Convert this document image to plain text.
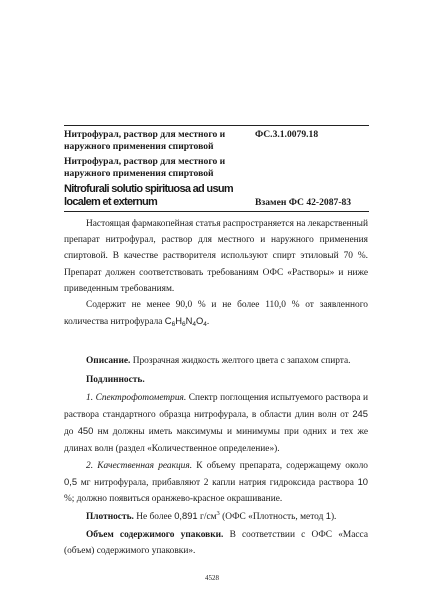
Нитрофурал, раствор для местного и наружного применения спиртовой
ФС.3.1.0079.18
Нитрофурал, раствор для местного и наружного применения спиртовой
Nitrofurali solutio spirituosa ad usum localem et externum	Взамен ФС 42-2087-83
Настоящая фармакопейная статья распространяется на лекарственный препарат нитрофурал, раствор для местного и наружного применения спиртовой. В качестве растворителя используют спирт этиловый 70 %. Препарат должен соответствовать требованиям ОФС «Растворы» и ниже приведенным требованиям.
Содержит не менее 90,0 % и не более 110,0 % от заявленного количества нитрофурала $C_6H_6N_4O_4$.
Описание. Прозрачная жидкость желтого цвета с запахом спирта.
Подлинность.
1. Спектрофотометрия. Спектр поглощения испытуемого раствора и раствора стандартного образца нитрофурала, в области длин волн от 245 до 450 нм должны иметь максимумы и минимумы при одних и тех же длинах волн (раздел «Количественное определение»).
2. Качественная реакция. К объему препарата, содержащему около 0,5 мг нитрофурала, прибавляют 2 капли натрия гидроксида раствора 10 %; должно появиться оранжево-красное окрашивание.
Плотность. Не более 0,891 $г/см^3$ (ОФС «Плотность, метод 1).
Объем содержимого упаковки. В соответствии с ОФС «Масса (объем) содержимого упаковки».
4528
